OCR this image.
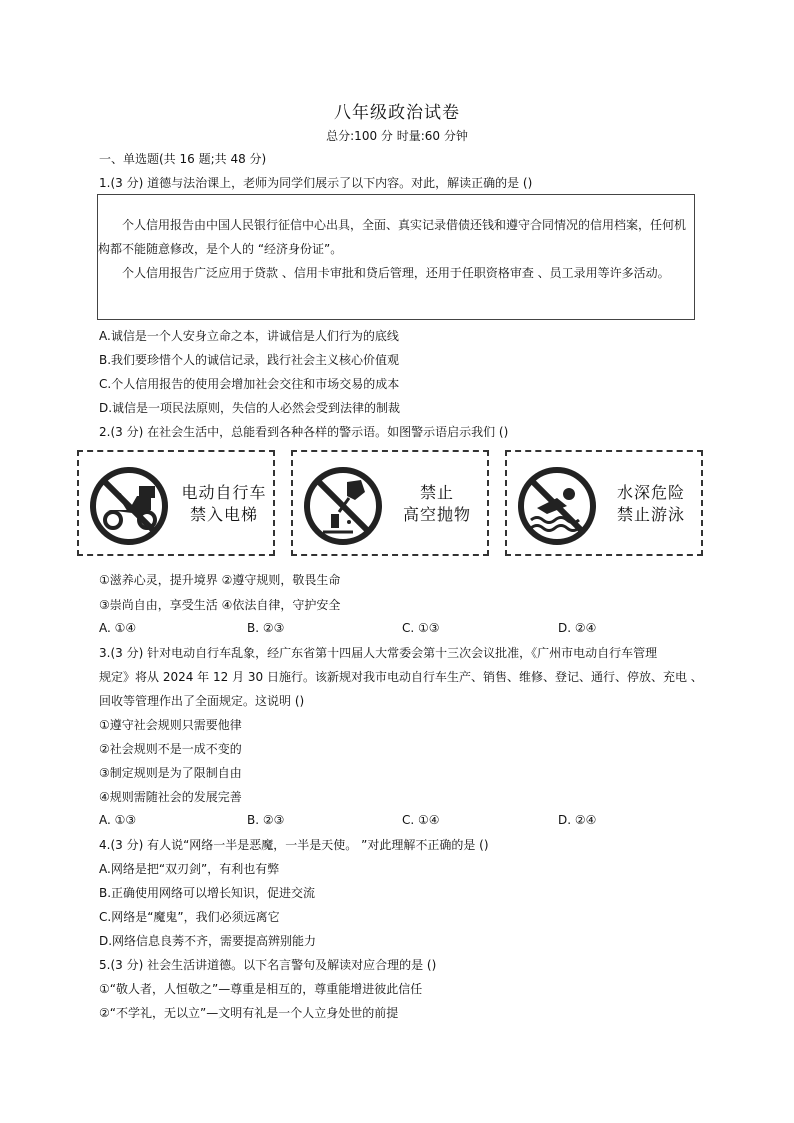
八年级政治试卷
总分:100 分 时量:60 分钟
一、单选题(共 16 题;共 48 分)
1.(3 分) 道德与法治课上，老师为同学们展示了以下内容。对此，解读正确的是 ()

个人信用报告由中国人民银行征信中心出具，全面、真实记录借债还钱和遵守合同情况的信用档案，任何机构都不能随意修改，是个人的 “经济身份证”。

个人信用报告广泛应用于贷款 、信用卡审批和贷后管理，还用于任职资格审查 、员工录用等许多活动。

A.诚信是一个人安身立命之本，讲诚信是人们行为的底线
B.我们要珍惜个人的诚信记录，践行社会主义核心价值观
C.个人信用报告的使用会增加社会交往和市场交易的成本
D.诚信是一项民法原则，失信的人必然会受到法律的制裁
2.(3 分) 在社会生活中，总能看到各种各样的警示语。如图警示语启示我们 ()
电动自行车
禁入电梯
禁止
高空抛物
水深危险
禁止游泳
①滋养心灵，提升境界 ②遵守规则，敬畏生命
③崇尚自由，享受生活 ④依法自律，守护安全
A. ①④	B. ②③	C. ①③	D. ②④
3.(3 分) 针对电动自行车乱象，经广东省第十四届人大常委会第十三次会议批准，《广州市电动自行车管理
规定》将从 2024 年 12 月 30 日施行。该新规对我市电动自行车生产、销售、维修、登记、通行、停放、充电 、
回收等管理作出了全面规定。这说明 ()
①遵守社会规则只需要他律
②社会规则不是一成不变的
③制定规则是为了限制自由
④规则需随社会的发展完善
A. ①③	B. ②③	C. ①④	D. ②④
4.(3 分) 有人说“网络一半是恶魔，一半是天使。 ”对此理解不正确的是 ()
A.网络是把“双刃剑”，有利也有弊
B.正确使用网络可以增长知识，促进交流
C.网络是“魔鬼”，我们必须远离它
D.网络信息良莠不齐，需要提高辨别能力
5.(3 分) 社会生活讲道德。以下名言警句及解读对应合理的是 ()
①“敬人者，人恒敬之”—尊重是相互的，尊重能增进彼此信任
②“不学礼，无以立”—文明有礼是一个人立身处世的前提
